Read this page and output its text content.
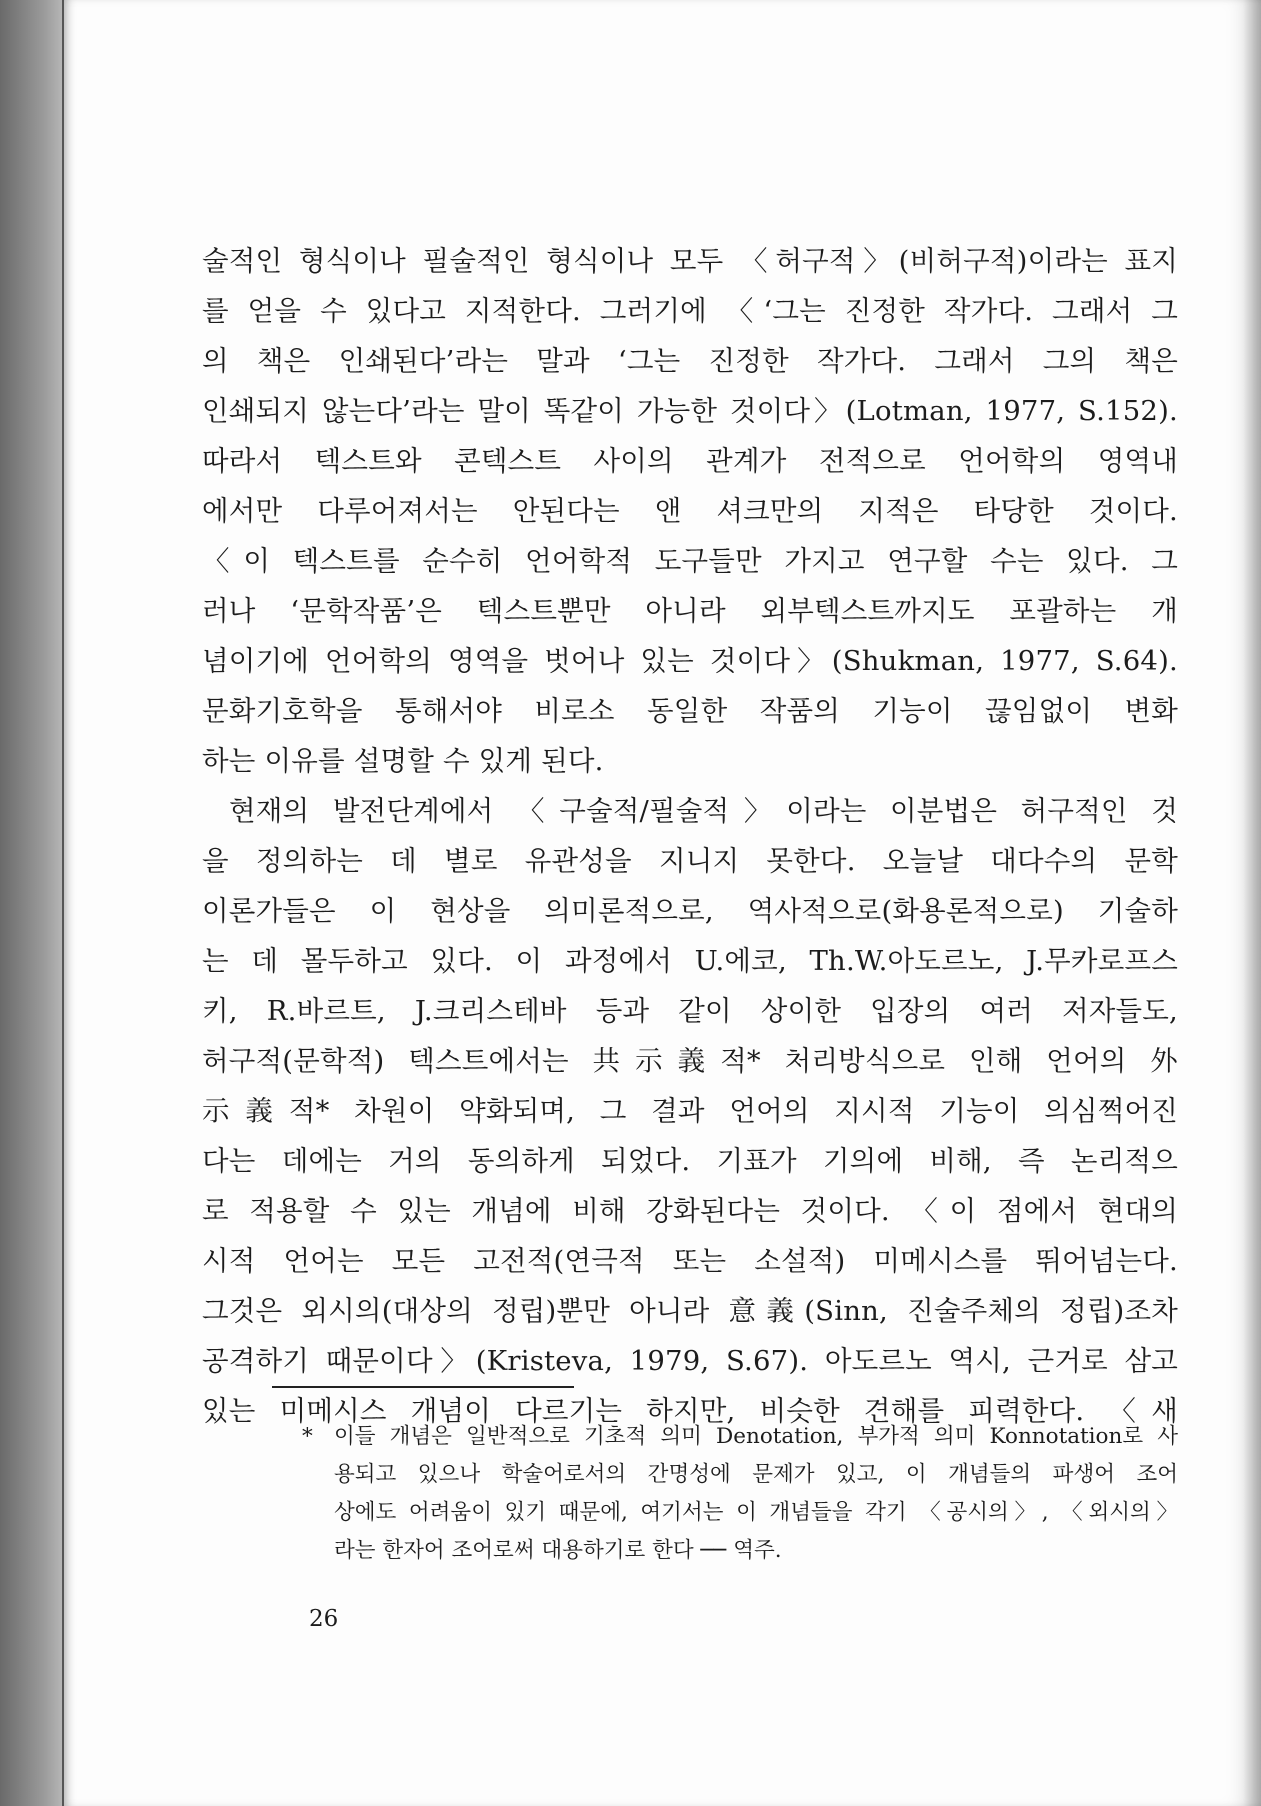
술적인 형식이나 필술적인 형식이나 모두 〈허구적〉(비허구적)이라는 표지
를 얻을 수 있다고 지적한다. 그러기에 〈‘그는 진정한 작가다. 그래서 그
의 책은 인쇄된다’라는 말과 ‘그는 진정한 작가다. 그래서 그의 책은
인쇄되지 않는다’라는 말이 똑같이 가능한 것이다〉(Lotman, 1977, S.152).
따라서 텍스트와 콘텍스트 사이의 관계가 전적으로 언어학의 영역내
에서만 다루어져서는 안된다는 앤 셔크만의 지적은 타당한 것이다.
〈이 텍스트를 순수히 언어학적 도구들만 가지고 연구할 수는 있다. 그
러나 ‘문학작품’은 텍스트뿐만 아니라 외부텍스트까지도 포괄하는 개
념이기에 언어학의 영역을 벗어나 있는 것이다〉(Shukman, 1977, S.64).
문화기호학을 통해서야 비로소 동일한 작품의 기능이 끊임없이 변화
하는 이유를 설명할 수 있게 된다.
현재의 발전단계에서 〈구술적/필술적〉이라는 이분법은 허구적인 것
을 정의하는 데 별로 유관성을 지니지 못한다. 오늘날 대다수의 문학
이론가들은 이 현상을 의미론적으로, 역사적으로(화용론적으로) 기술하
는 데 몰두하고 있다. 이 과정에서 U.에코, Th.W.아도르노, J.무카로프스
키, R.바르트, J.크리스테바 등과 같이 상이한 입장의 여러 저자들도,
허구적(문학적) 텍스트에서는 共示義적* 처리방식으로 인해 언어의 外
示義적* 차원이 약화되며, 그 결과 언어의 지시적 기능이 의심쩍어진
다는 데에는 거의 동의하게 되었다. 기표가 기의에 비해, 즉 논리적으
로 적용할 수 있는 개념에 비해 강화된다는 것이다. 〈이 점에서 현대의
시적 언어는 모든 고전적(연극적 또는 소설적) 미메시스를 뛰어넘는다.
그것은 외시의(대상의 정립)뿐만 아니라 意義(Sinn, 진술주체의 정립)조차
공격하기 때문이다〉(Kristeva, 1979, S.67). 아도르노 역시, 근거로 삼고
있는 미메시스 개념이 다르기는 하지만, 비슷한 견해를 피력한다. 〈새
* 이들 개념은 일반적으로 기초적 의미 Denotation, 부가적 의미 Konnotation로 사
용되고 있으나 학술어로서의 간명성에 문제가 있고, 이 개념들의 파생어 조어
상에도 어려움이 있기 때문에, 여기서는 이 개념들을 각기 〈공시의〉, 〈외시의〉
라는 한자어 조어로써 대용하기로 한다 ── 역주.
26
